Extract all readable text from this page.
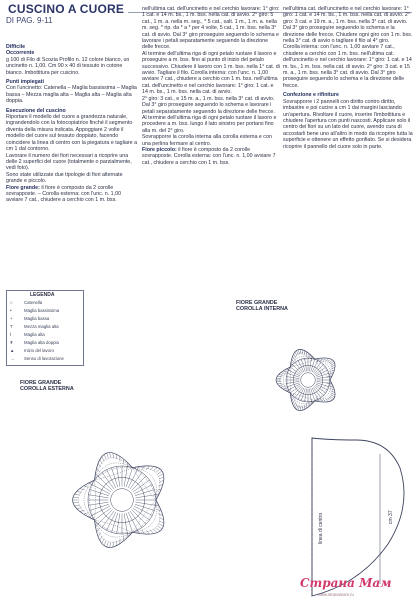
CUSCINO A CUORE
DI PAG. 9-11

Difficile

Occorrente

g 100 di Filo di Scozia Profilo n. 12 colore bianco, un uncinetto n. 1,00. Cm 90 x 40 di tessuto in cotone bianco. Imbottitura per cuscino.

Punti impiegati

Con l'uncinetto: Catenella – Maglia bassissima – Maglia bassa – Mezza maglia alta – Maglia alta – Maglia alta doppia.

Esecuzione del cuscino

Riportare il modello del cuore a grandezza naturale, ingrandendolo con la fotocopiatrice finché il segmento diventa della misura indicata. Appoggiare 2 volte il modello del cuore sul tessuto doppiato, facendo coincidere la linea di centro con la piegatura e tagliare a cm 1 dal contorno.

Lavorare il numero dei fiori necessari a ricoprire una delle 2 superfici del cuore (totalmente o parzialmente, vedi foto).

Sono state utilizzate due tipologie di fiori alternate grande e piccolo.

Fiore grande: il fiore è composto da 2 corolle sovrapposte. – Corolla esterna: con l'unc. n. 1,00 avviare 7 cat., chiudere a cerchio con 1 m. bss.

nell'ultima cat. dell'uncinetto e nel cerchio lavorare: 1° giro: 1 cat. e 14 m. bs., 1 m. bss. nella cat. di avvio. 2° giro: 5 cat., 1 m. a. nella m. seg., * 5 cat., salt. 1 m., 1 m. a. nella m. seg. * rip. da * a * per 4 volte, 5 cat., 1 m. bss. nella 3° cat. di avvio. Dal 3° giro proseguire seguendo lo schema e lavorare i petali separatamente seguendo la direzione delle frecce.

Al termine dell'ultima riga di ogni petalo ruotare il lavoro e proseguire a m. bss. fino al punto di inizio del petalo successivo. Chiudere il lavoro con 1 m. bss. nella 1° cat. di avvio. Tagliare il filo. Corolla interna: con l'unc. n. 1,00 avviare 7 cat., chiudere a cerchio con 1 m. bss. nell'ultima cat. dell'uncinetto e nel cerchio lavorare: 1° giro: 1 cat. e 14 m. bs., 1 m. bss. nella cat. di avvio.

2° giro: 3 cat., e 15 m. a., 1 m. bss. nella 3° cat. di avvio. Dal 3° giro proseguire seguendo lo schema e lavorare i petali separatamente seguendo la direzione delle frecce. Al termine dell'ultima riga di ogni petalo ruotare il lavoro e procedere a m. bss. lungo il lato sinistro per portarsi fino alla m. del 2° giro.

Sovrapporre la corolla interna alla corolla esterna e con una perlina fermare al centro.

Fiore piccolo: il fiore è composto da 2 corolle sovrapposte. Corolla esterna: con l'unc. n. 1,00 avviare 7 cat., chiudere a cerchio con 1 m. bss.

nell'ultima cat. dell'uncinetto e nel cerchio lavorare: 1° giro: 1 cat. e 14 m. bs., 1 m. bss. nella cat. di avvio. 2° giro: 3 cat. e 19 m. a., 1 m. bss. nella 3° cat. di avvio. Dal 3° giro proseguire seguendo lo schema e la direzione delle frecce. Chiudere ogni giro con 1 m. bss. nella 3° cat. di avvio o tagliare il filo al 4° giro.

Corolla interna: con l'unc. n. 1,00 avviare 7 cat., chiudere a cerchio con 1 m. bss. nell'ultima cat. dell'uncinetto e nel cerchio lavorare: 1° giro: 1 cat. e 14 m. bs., 1 m. bss. nella cat. di avvio. 2° giro: 3 cat. e 15 m. a., 1 m. bss. nella 3° cat. di avvio. Dal 3° giro proseguire seguendo lo schema e la direzione delle frecce.

Confezione e rifiniture

Sovrapporre i 2 pannelli con diritto contro diritto, imbastire e poi cucire a cm 1 dai margini lasciando un'apertura. Rivoltare il cuore, inserire l'imbottitura e chiudere l'apertura con punti nascosti. Applicare solo il centro dei fiori su un lato del cuore, avendo cura di accostarli bene uno all'altro in modo da ricoprire tutta la superficie e ottenere un effetto gonfiato. Se si desidera ricoprire il pannello del cuore solo in parte.

LEGENDA
○	Catenella
•	Maglia bassissima
+	Maglia bassa
T	Mezza maglia alta
ł	Maglia alta
₮	Maglia alta doppia
▲	Inizio del lavoro
→	Senso di lavorazione
FIORE GRANDE
COROLLA ESTERNA
FIORE GRANDE
COROLLA INTERNA
linea di centro	cm 37
Страна Мам
www.stranamam.ru
